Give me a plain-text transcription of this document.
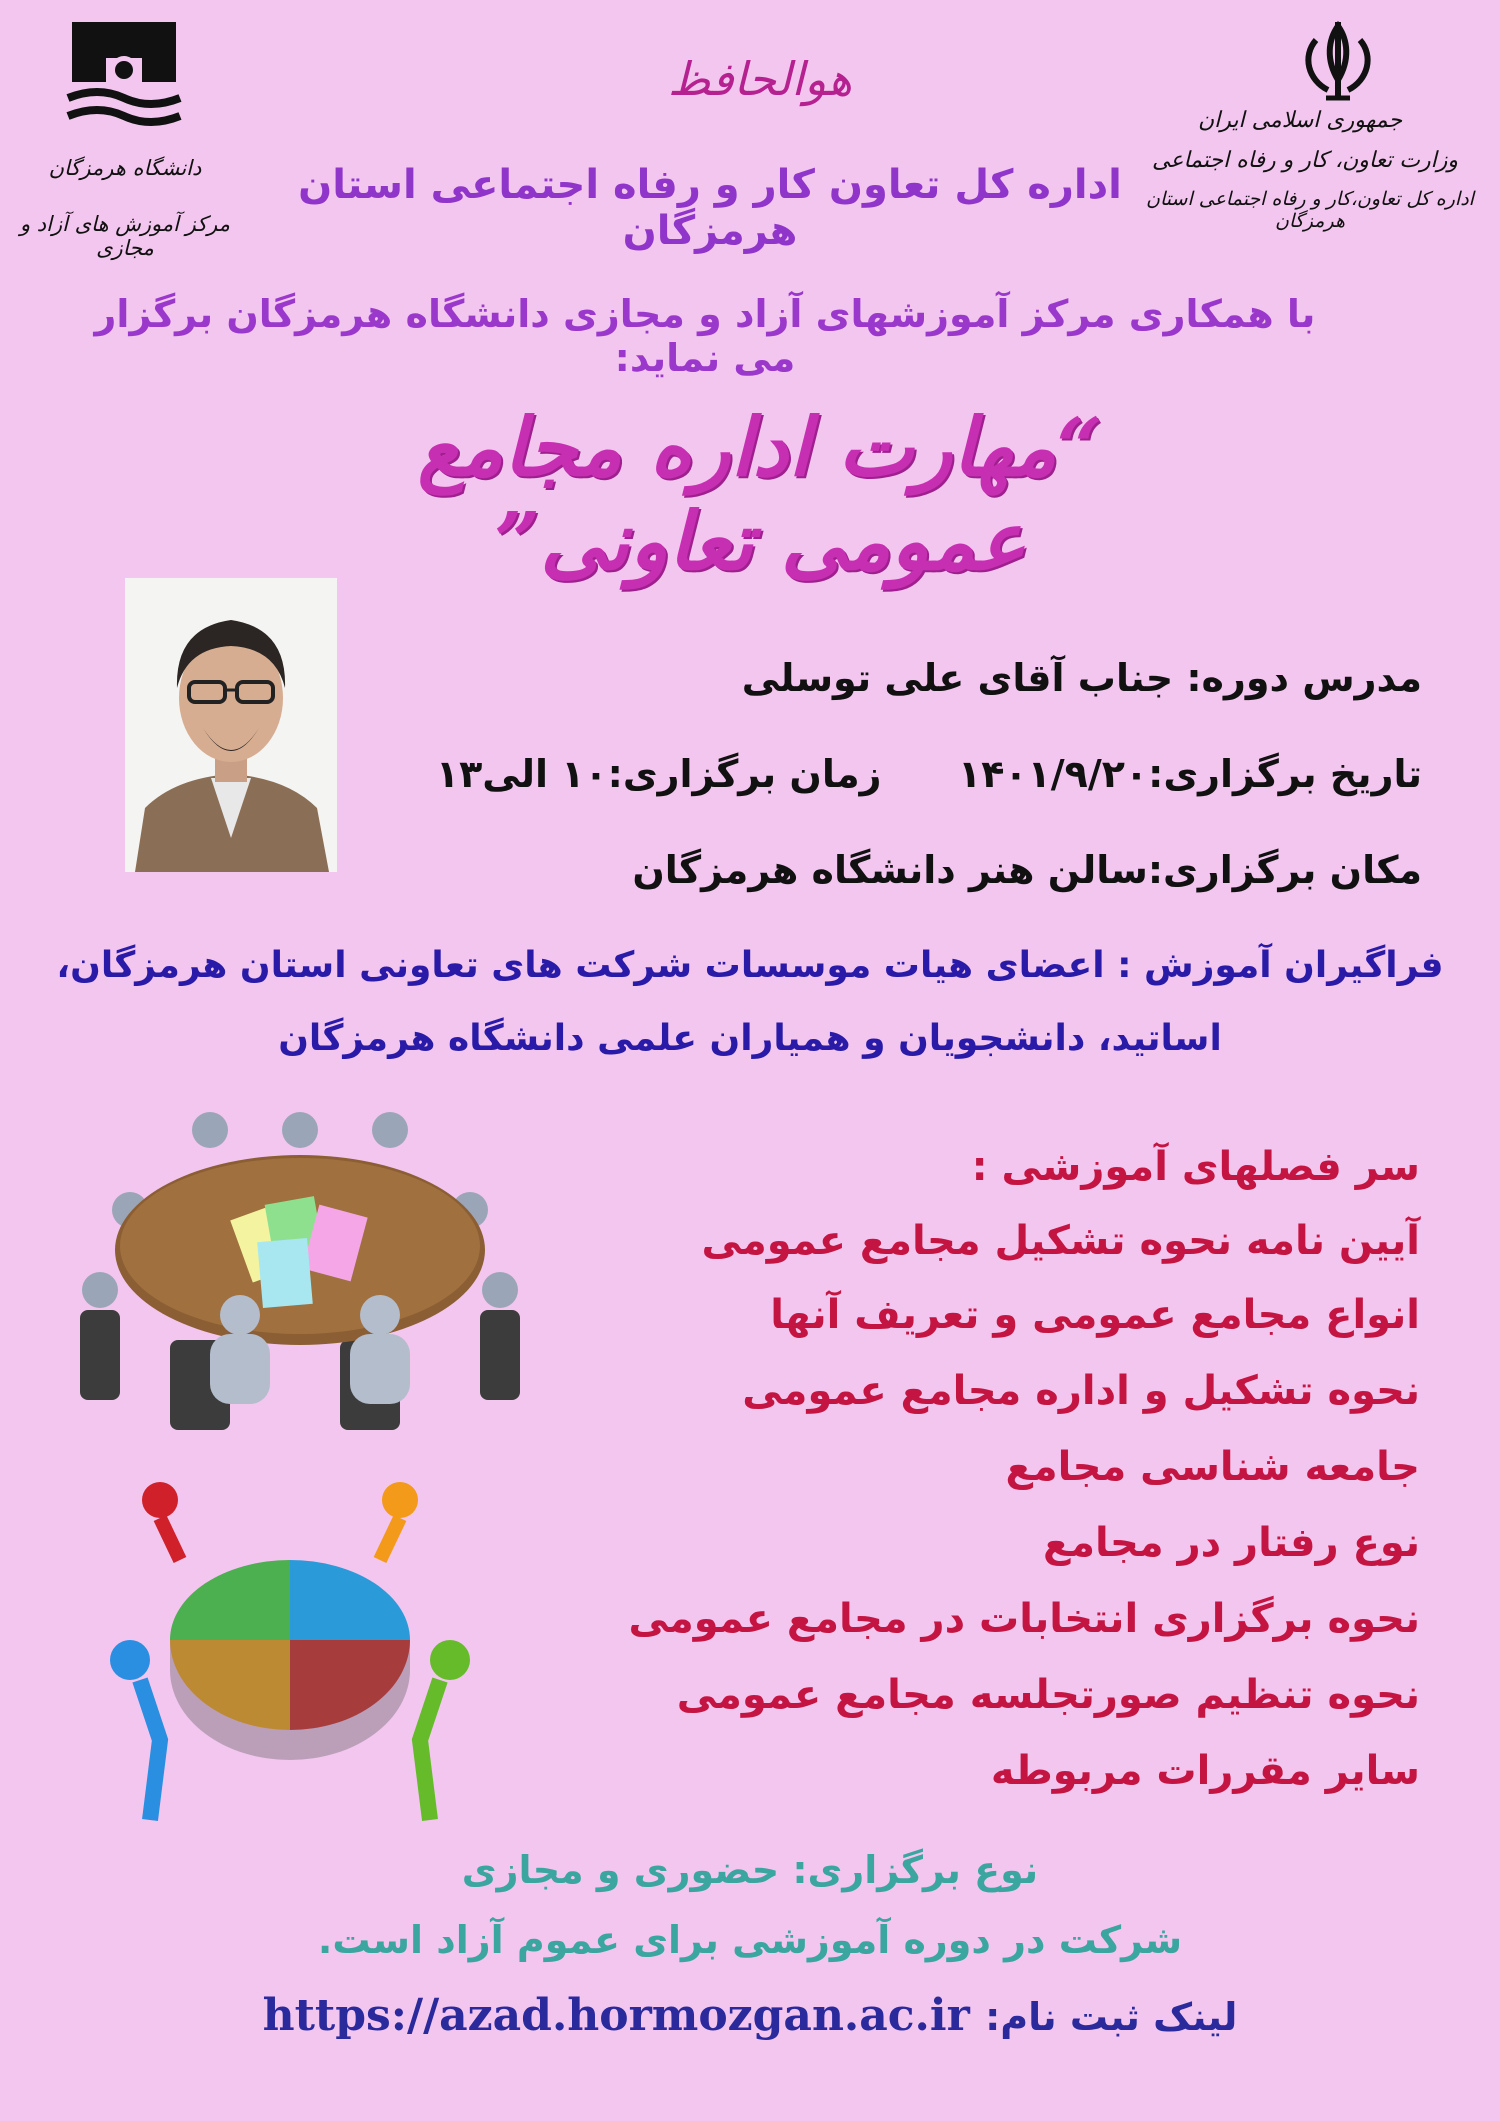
جمهوری اسلامی ایران
وزارت تعاون، کار و رفاه اجتماعی
اداره کل تعاون،کار و رفاه اجتماعی استان هرمزگان
دانشگاه هرمزگان
مرکز آموزش های آزاد و مجازی
هوالحافظ
اداره کل تعاون کار و رفاه اجتماعی استان هرمزگان
با همکاری مرکز آموزشهای آزاد و مجازی دانشگاه هرمزگان برگزار می نماید:
“مهارت اداره مجامع عمومی تعاونی”
مدرس دوره: جناب آقای علی توسلی
تاریخ برگزاری:۱۴۰۱/۹/۲۰  زمان برگزاری:۱۰ الی۱۳
مکان برگزاری:سالن هنر دانشگاه هرمزگان
فراگیران آموزش : اعضای هیات موسسات شرکت های تعاونی استان هرمزگان،
اساتید، دانشجویان و همیاران علمی دانشگاه هرمزگان
سر فصلهای آموزشی :
آیین نامه نحوه تشکیل مجامع عمومی
انواع مجامع عمومی و تعریف آنها
نحوه تشکیل و اداره مجامع عمومی
جامعه شناسی مجامع
نوع رفتار در مجامع
نحوه برگزاری انتخابات در مجامع عمومی
نحوه تنظیم صورتجلسه مجامع عمومی
سایر مقررات مربوطه
نوع برگزاری: حضوری و مجازی
شرکت در دوره آموزشی برای عموم آزاد است.
لینک ثبت نام: https://azad.hormozgan.ac.ir
